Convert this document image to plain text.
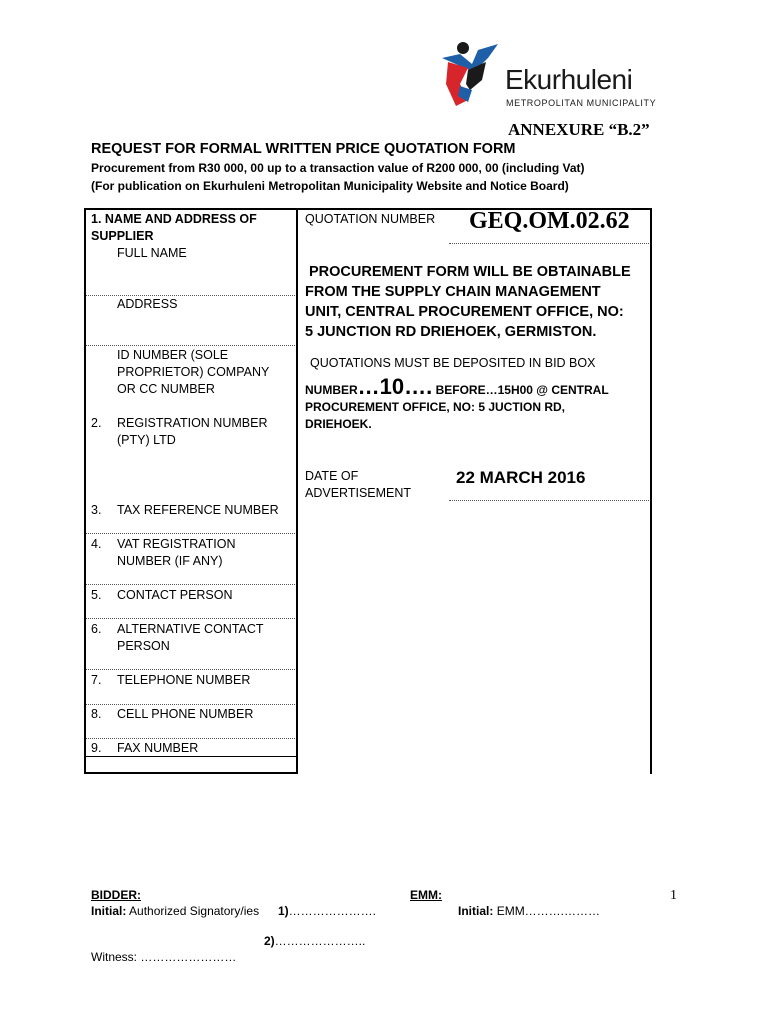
Ekurhuleni
METROPOLITAN MUNICIPALITY
ANNEXURE “B.2”
REQUEST FOR FORMAL WRITTEN PRICE QUOTATION FORM
Procurement from R30 000, 00 up to a transaction value of R200 000, 00 (including Vat)
(For publication on Ekurhuleni Metropolitan Municipality Website and Notice Board)
1. NAME AND ADDRESS OF
SUPPLIER
FULL NAME
ADDRESS
ID NUMBER (SOLE
PROPRIETOR) COMPANY
OR CC NUMBER
2. REGISTRATION NUMBER
(PTY) LTD
3. TAX REFERENCE NUMBER
4. VAT REGISTRATION
NUMBER (IF ANY)
5. CONTACT PERSON
6. ALTERNATIVE CONTACT
PERSON
7. TELEPHONE NUMBER
8. CELL PHONE NUMBER
9. FAX NUMBER
QUOTATION NUMBER GEQ.OM.02.62
PROCUREMENT FORM WILL BE OBTAINABLE
FROM THE SUPPLY CHAIN MANAGEMENT
UNIT, CENTRAL PROCUREMENT OFFICE, NO:
5 JUNCTION RD DRIEHOEK, GERMISTON.
QUOTATIONS MUST BE DEPOSITED IN BID BOX
NUMBER…10…. BEFORE…15H00 @ CENTRAL
PROCUREMENT OFFICE, NO: 5 JUCTION RD,
DRIEHOEK.
DATE OF
ADVERTISEMENT
22 MARCH 2016
BIDDER:
Initial: Authorized Signatory/ies 1)………………….
EMM:
Initial: EMM……….………
2)…………………..
Witness: ……………………
1
